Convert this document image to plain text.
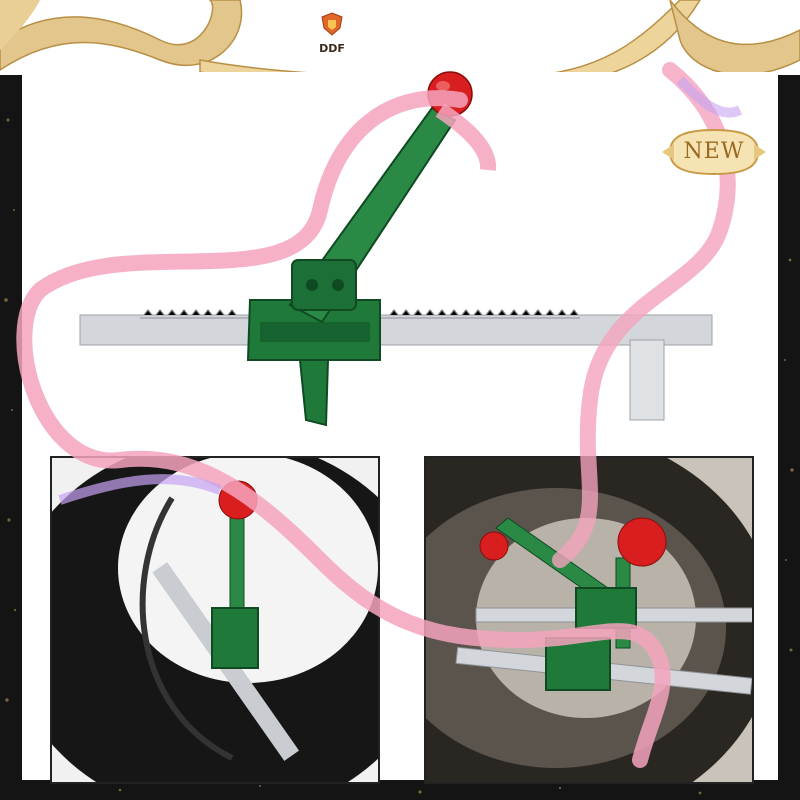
DDF
NEW
